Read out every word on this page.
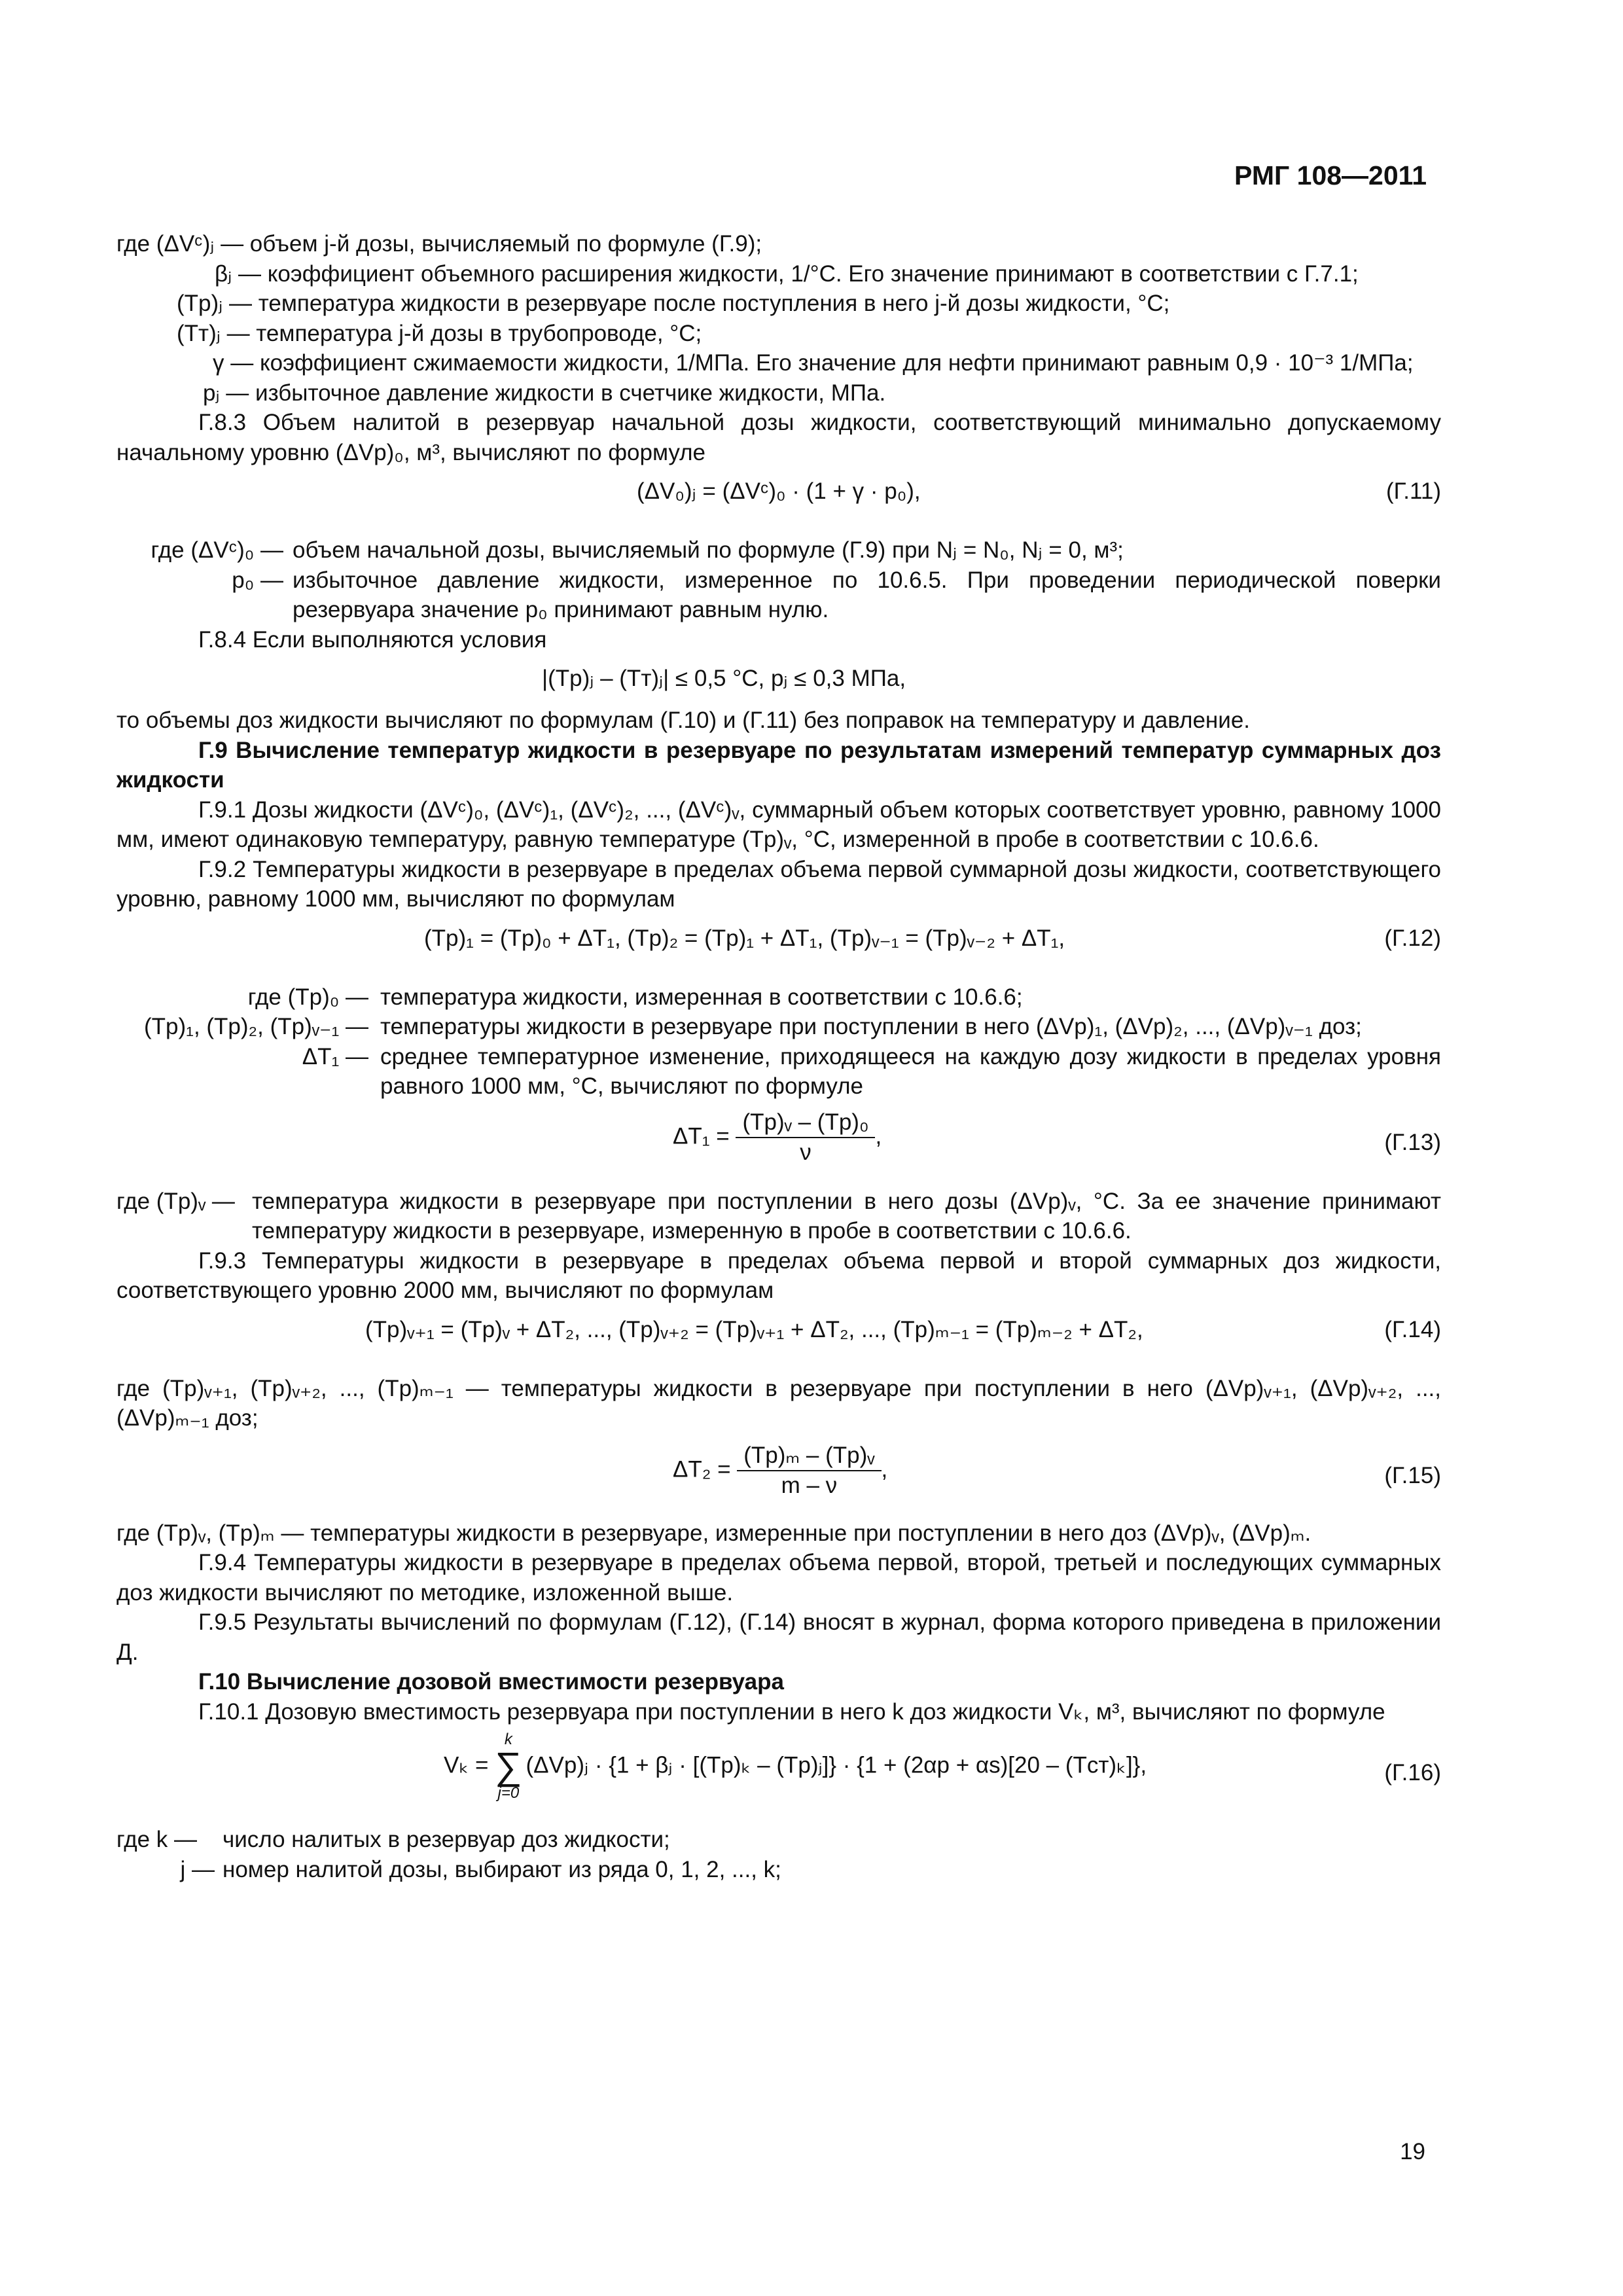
РМГ 108—2011

где (ΔVᶜ)ⱼ — объем j-й дозы, вычисляемый по формуле (Г.9);

βⱼ — коэффициент объемного расширения жидкости, 1/°С. Его значение принимают в соответствии с Г.7.1;

(Tр)ⱼ — температура жидкости в резервуаре после поступления в него j-й дозы жидкости, °С;

(Tт)ⱼ — температура j-й дозы в трубопроводе, °С;

γ — коэффициент сжимаемости жидкости, 1/МПа. Его значение для нефти принимают равным 0,9 · 10⁻³ 1/МПа;

pⱼ — избыточное давление жидкости в счетчике жидкости, МПа.

Г.8.3 Объем налитой в резервуар начальной дозы жидкости, соответствующий минимально допускаемому начальному уровню (ΔVр)₀, м³, вычисляют по формуле

(ΔV₀)ⱼ = (ΔVᶜ)₀ · (1 + γ · p₀),	(Г.11)
где (ΔVᶜ)₀ — объем начальной дозы, вычисляемый по формуле (Г.9) при Nⱼ = N₀, Nⱼ = 0, м³;
p₀ — избыточное давление жидкости, измеренное по 10.6.5. При проведении периодической поверки резервуара значение p₀ принимают равным нулю.

Г.8.4 Если выполняются условия

|(Tр)ⱼ – (Tт)ⱼ| ≤ 0,5 °С, pⱼ ≤ 0,3 МПа,

то объемы доз жидкости вычисляют по формулам (Г.10) и (Г.11) без поправок на температуру и давление.

Г.9 Вычисление температур жидкости в резервуаре по результатам измерений температур суммарных доз жидкости

Г.9.1 Дозы жидкости (ΔVᶜ)₀, (ΔVᶜ)₁, (ΔVᶜ)₂, ..., (ΔVᶜ)ᵥ, суммарный объем которых соответствует уровню, равному 1000 мм, имеют одинаковую температуру, равную температуре (Tр)ᵥ, °С, измеренной в пробе в соответствии с 10.6.6.

Г.9.2 Температуры жидкости в резервуаре в пределах объема первой суммарной дозы жидкости, соответствующего уровню, равному 1000 мм, вычисляют по формулам

(Tр)₁ = (Tр)₀ + ΔT₁, (Tр)₂ = (Tр)₁ + ΔT₁, (Tр)ᵥ₋₁ = (Tр)ᵥ₋₂ + ΔT₁,	(Г.12)
где (Tр)₀ — температура жидкости, измеренная в соответствии с 10.6.6;
(Tр)₁, (Tр)₂, (Tр)ᵥ₋₁ — температуры жидкости в резервуаре при поступлении в него (ΔVр)₁, (ΔVр)₂, ..., (ΔVр)ᵥ₋₁ доз;
ΔT₁ — среднее температурное изменение, приходящееся на каждую дозу жидкости в пределах уровня равного 1000 мм, °С, вычисляют по формуле
$\Delta T_1 = \frac{\text{(Tр)ᵥ – (Tр)₀}}{\nu}$ ,	(Г.13)
где (Tр)ᵥ — температура жидкости в резервуаре при поступлении в него дозы (ΔVр)ᵥ, °С. За ее значение принимают температуру жидкости в резервуаре, измеренную в пробе в соответствии с 10.6.6.

Г.9.3 Температуры жидкости в резервуаре в пределах объема первой и второй суммарных доз жидкости, соответствующего уровню 2000 мм, вычисляют по формулам

(Tр)ᵥ₊₁ = (Tр)ᵥ + ΔT₂, ..., (Tр)ᵥ₊₂ = (Tр)ᵥ₊₁ + ΔT₂, ..., (Tр)ₘ₋₁ = (Tр)ₘ₋₂ + ΔT₂,	(Г.14)

где (Tр)ᵥ₊₁, (Tр)ᵥ₊₂, ..., (Tр)ₘ₋₁ — температуры жидкости в резервуаре при поступлении в него (ΔVр)ᵥ₊₁, (ΔVр)ᵥ₊₂, ..., (ΔVр)ₘ₋₁ доз;

$\Delta T_2 = \frac{\text{(Tр)ₘ – (Tр)ᵥ}}{m - \nu}$ ,	(Г.15)

где (Tр)ᵥ, (Tр)ₘ — температуры жидкости в резервуаре, измеренные при поступлении в него доз (ΔVр)ᵥ, (ΔVр)ₘ.

Г.9.4 Температуры жидкости в резервуаре в пределах объема первой, второй, третьей и последующих суммарных доз жидкости вычисляют по методике, изложенной выше.

Г.9.5 Результаты вычислений по формулам (Г.12), (Г.14) вносят в журнал, форма которого приведена в приложении Д.

Г.10 Вычисление дозовой вместимости резервуара

Г.10.1 Дозовую вместимость резервуара при поступлении в него k доз жидкости Vₖ, м³, вычисляют по формуле

Vₖ =
k
∑
j=0
(ΔVр)ⱼ · {1 + βⱼ · [(Tр)ₖ – (Tр)ⱼ]} · {1 + (2αр + αs)[20 – (Tст)ₖ]},	(Г.16)
где k —	число налитых в резервуар доз жидкости;
j — номер налитой дозы, выбирают из ряда 0, 1, 2, ..., k;
19
